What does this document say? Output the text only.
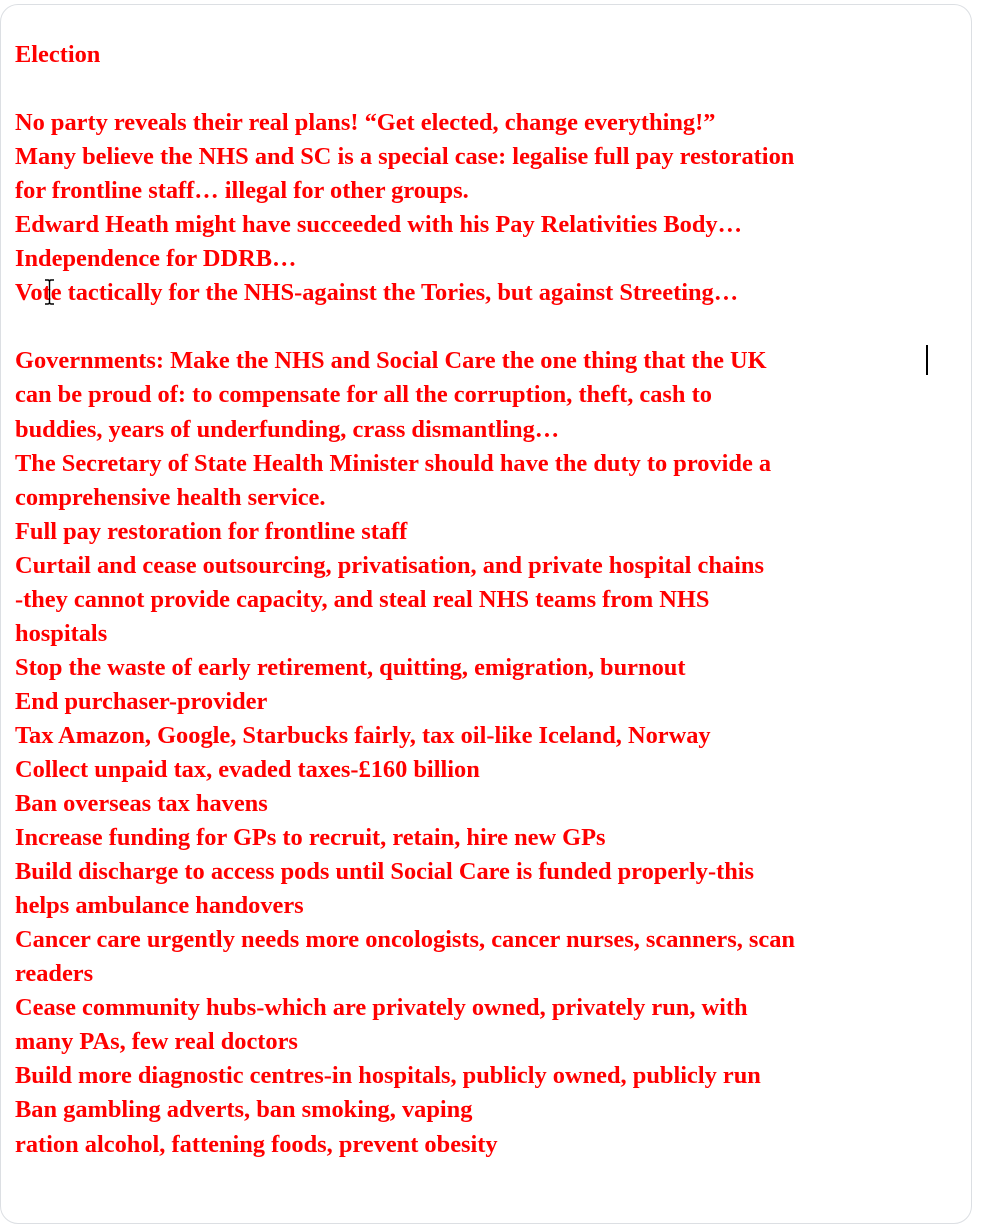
Election
No party reveals their real plans! “Get elected, change everything!”
Many believe the NHS and SC is a special case: legalise full pay restoration
for frontline staff… illegal for other groups.
Edward Heath might have succeeded with his Pay Relativities Body…
Independence for DDRB…
Vote tactically for the NHS-against the Tories, but against Streeting…
Governments: Make the NHS and Social Care the one thing that the UK
can be proud of: to compensate for all the corruption, theft, cash to
buddies, years of underfunding, crass dismantling…
The Secretary of State Health Minister should have the duty to provide a
comprehensive health service.
Full pay restoration for frontline staff
Curtail and cease outsourcing, privatisation, and private hospital chains
-they cannot provide capacity, and steal real NHS teams from NHS
hospitals
Stop the waste of early retirement, quitting, emigration, burnout
End purchaser-provider
Tax Amazon, Google, Starbucks fairly, tax oil-like Iceland, Norway
Collect unpaid tax, evaded taxes-£160 billion
Ban overseas tax havens
Increase funding for GPs to recruit, retain, hire new GPs
Build discharge to access pods until Social Care is funded properly-this
helps ambulance handovers
Cancer care urgently needs more oncologists, cancer nurses, scanners, scan
readers
Cease community hubs-which are privately owned, privately run, with
many PAs, few real doctors
Build more diagnostic centres-in hospitals, publicly owned, publicly run
Ban gambling adverts, ban smoking, vaping
ration alcohol, fattening foods, prevent obesity
